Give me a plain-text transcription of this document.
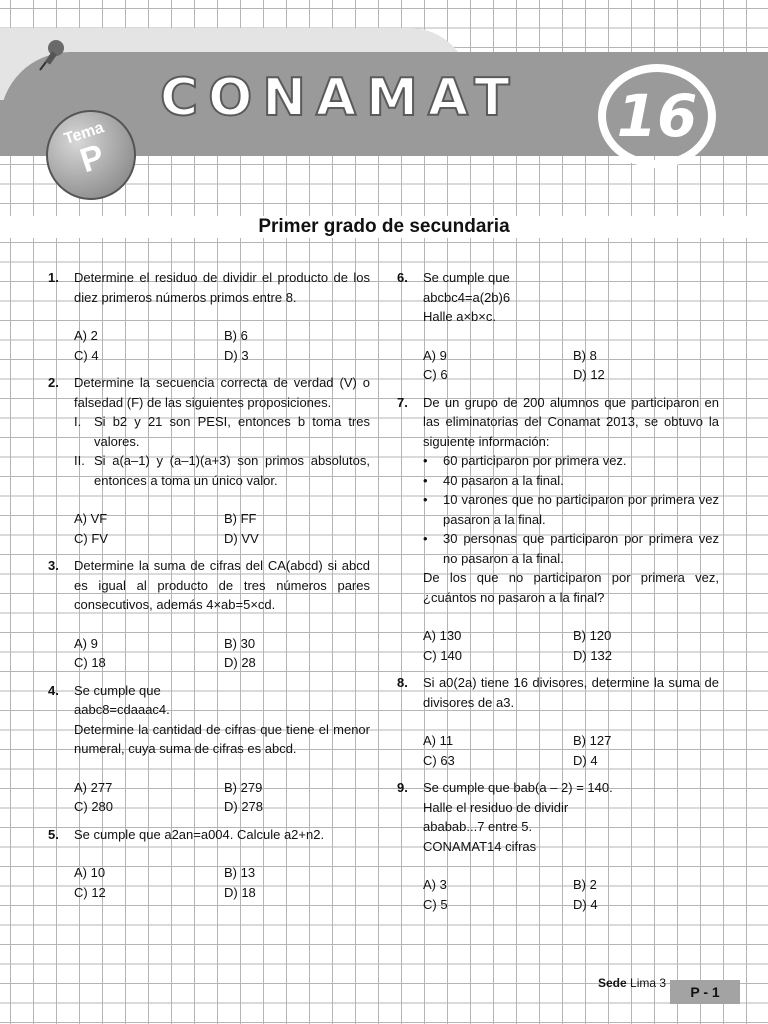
CONAMAT	16
Tema
P
Primer grado de secundaria
1. Determine el residuo de dividir el producto de los diez primeros números primos entre 8.

A) 2	B) 6
C) 4	D) 3
2. Determine la secuencia correcta de verdad (V) o falsedad (F) de las siguientes proposiciones.

I. Si b2 y 21 son PESI, entonces b toma tres valores.

II. Si a(a–1) y (a–1)(a+3) son primos absolutos, entonces a toma un único valor.

A) VF	B) FF
C) FV	D) VV
3. Determine la suma de cifras del CA(abcd) si abcd es igual al producto de tres números pares consecutivos, además 4×ab=5×cd.

A) 9	B) 30
C) 18	D) 28
4. Se cumple que

aabc8=cdaaac4.

Determine la cantidad de cifras que tiene el menor numeral, cuya suma de cifras es abcd.

A) 277	B) 279
C) 280	D) 278
5. Se cumple que a2an=a004. Calcule a2+n2.

A) 10	B) 13
C) 12	D) 18
6. Se cumple que

abcbc4=a(2b)6

Halle a×b×c.

A) 9	B) 8
C) 6	D) 12
7. De un grupo de 200 alumnos que participaron en las eliminatorias del Conamat 2013, se obtuvo la siguiente información:

• 60 participaron por primera vez.

• 40 pasaron a la final.

• 10 varones que no participaron por primera vez pasaron a la final.

• 30 personas que participaron por primera vez no pasaron a la final.

De los que no participaron por primera vez, ¿cuántos no pasaron a la final?

A) 130	B) 120
C) 140	D) 132
8. Si a0(2a) tiene 16 divisores, determine la suma de divisores de a3.

A) 11	B) 127
C) 63	D) 4
9. Se cumple que bab(a – 2) = 140.

Halle el residuo de dividir

ababab...7 entre 5.

CONAMAT14 cifras

A) 3	B) 2
C) 5	D) 4
Sede Lima 3
P - 1
